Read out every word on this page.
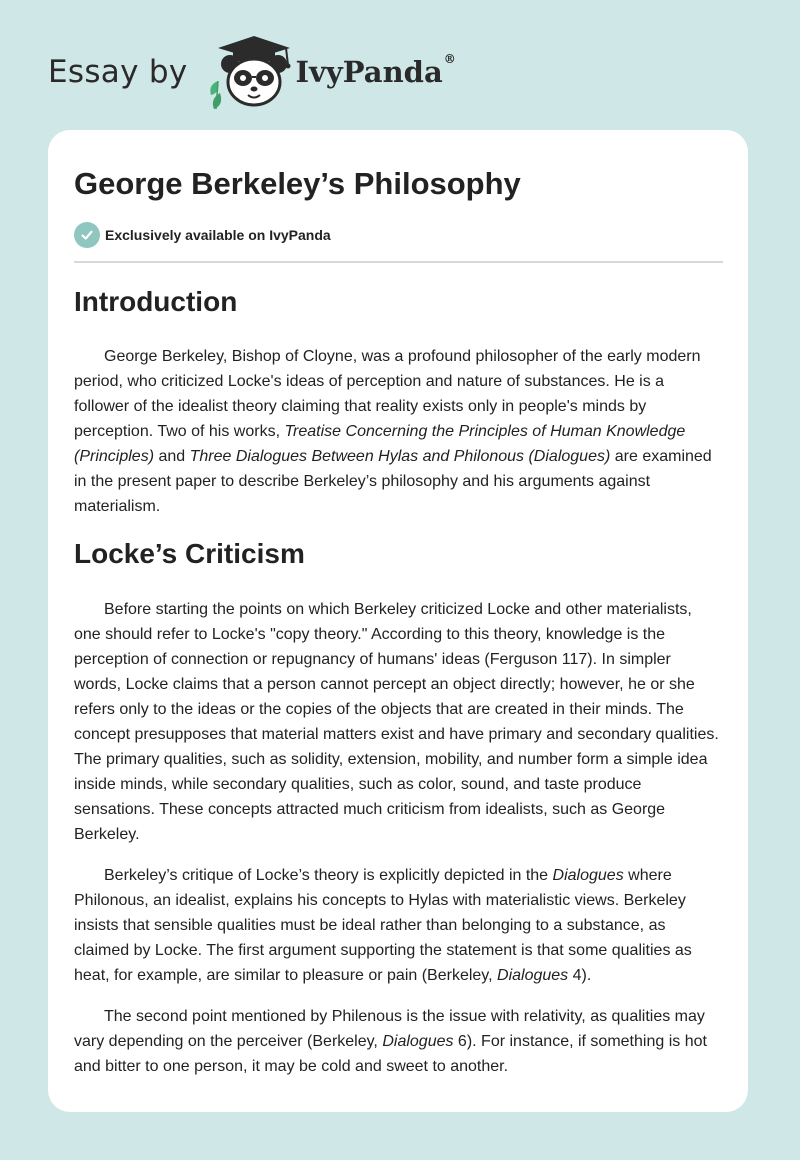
Essay by	IvyPanda®
George Berkeley’s Philosophy
Exclusively available on IvyPanda
Introduction

George Berkeley, Bishop of Cloyne, was a profound philosopher of the early modern period, who criticized Locke's ideas of perception and nature of substances. He is a follower of the idealist theory claiming that reality exists only in people's minds by perception. Two of his works, Treatise Concerning the Principles of Human Knowledge (Principles) and Three Dialogues Between Hylas and Philonous (Dialogues) are examined in the present paper to describe Berkeley’s philosophy and his arguments against materialism.

Locke’s Criticism

Before starting the points on which Berkeley criticized Locke and other materialists, one should refer to Locke's "copy theory." According to this theory, knowledge is the perception of connection or repugnancy of humans' ideas (Ferguson 117). In simpler words, Locke claims that a person cannot percept an object directly; however, he or she refers only to the ideas or the copies of the objects that are created in their minds. The concept presupposes that material matters exist and have primary and secondary qualities. The primary qualities, such as solidity, extension, mobility, and number form a simple idea inside minds, while secondary qualities, such as color, sound, and taste produce sensations. These concepts attracted much criticism from idealists, such as George Berkeley.

Berkeley’s critique of Locke’s theory is explicitly depicted in the Dialogues where Philonous, an idealist, explains his concepts to Hylas with materialistic views. Berkeley insists that sensible qualities must be ideal rather than belonging to a substance, as claimed by Locke. The first argument supporting the statement is that some qualities as heat, for example, are similar to pleasure or pain (Berkeley, Dialogues 4).

The second point mentioned by Philenous is the issue with relativity, as qualities may vary depending on the perceiver (Berkeley, Dialogues 6). For instance, if something is hot and bitter to one person, it may be cold and sweet to another.
